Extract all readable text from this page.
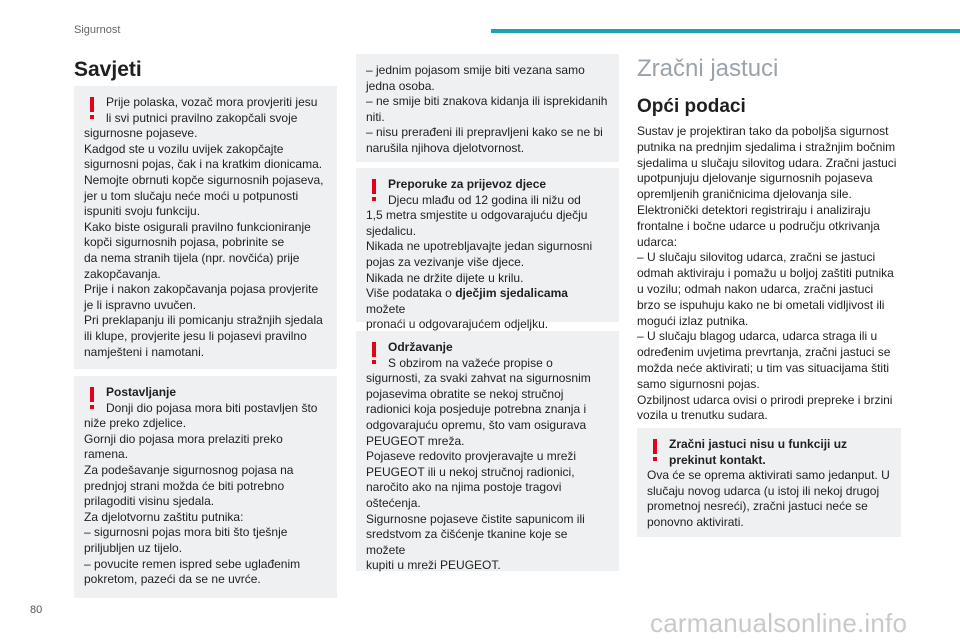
Sigurnost
Savjeti
Prije polaska, vozač mora provjeriti jesu
li svi putnici pravilno zakopčali svoje
sigurnosne pojaseve.
Kadgod ste u vozilu uvijek zakopčajte
sigurnosni pojas, čak i na kratkim dionicama.
Nemojte obrnuti kopče sigurnosnih pojaseva,
jer u tom slučaju neće moći u potpunosti
ispuniti svoju funkciju.
Kako biste osigurali pravilno funkcioniranje
kopči sigurnosnih pojasa, pobrinite se
da nema stranih tijela (npr. novčića) prije
zakopčavanja.
Prije i nakon zakopčavanja pojasa provjerite
je li ispravno uvučen.
Pri preklapanju ili pomicanju stražnjih sjedala
ili klupe, provjerite jesu li pojasevi pravilno
namješteni i namotani.
Postavljanje
Donji dio pojasa mora biti postavljen što
niže preko zdjelice.
Gornji dio pojasa mora prelaziti preko
ramena.
Za podešavanje sigurnosnog pojasa na
prednjoj strani možda će biti potrebno
prilagoditi visinu sjedala.
Za djelotvornu zaštitu putnika:
– sigurnosni pojas mora biti što tješnje
priljubljen uz tijelo.
– povucite remen ispred sebe uglađenim
pokretom, pazeći da se ne uvrće.
– jednim pojasom smije biti vezana samo
jedna osoba.
– ne smije biti znakova kidanja ili isprekidanih
niti.
– nisu prerađeni ili prepravljeni kako se ne bi
narušila njihova djelotvornost.
Preporuke za prijevoz djece
Djecu mlađu od 12 godina ili nižu od
1,5 metra smjestite u odgovarajuću dječju
sjedalicu.
Nikada ne upotrebljavajte jedan sigurnosni
pojas za vezivanje više djece.
Nikada ne držite dijete u krilu.
Više podataka o dječjim sjedalicama možete
pronaći u odgovarajućem odjeljku.
Održavanje
S obzirom na važeće propise o
sigurnosti, za svaki zahvat na sigurnosnim
pojasevima obratite se nekoj stručnoj
radionici koja posjeduje potrebna znanja i
odgovarajuću opremu, što vam osigurava
PEUGEOT mreža.
Pojaseve redovito provjeravajte u mreži
PEUGEOT ili u nekoj stručnoj radionici,
naročito ako na njima postoje tragovi
oštećenja.
Sigurnosne pojaseve čistite sapunicom ili
sredstvom za čišćenje tkanine koje se možete
kupiti u mreži PEUGEOT.
Zračni jastuci
Opći podaci
Sustav je projektiran tako da poboljša sigurnost
putnika na prednjim sjedalima i stražnjim bočnim
sjedalima u slučaju silovitog udara. Zračni jastuci
upotpunjuju djelovanje sigurnosnih pojaseva
opremljenih graničnicima djelovanja sile.
Elektronički detektori registriraju i analiziraju
frontalne i bočne udarce u području otkrivanja
udarca:
– U slučaju silovitog udarca, zračni se jastuci
odmah aktiviraju i pomažu u boljoj zaštiti putnika
u vozilu; odmah nakon udarca, zračni jastuci
brzo se ispuhuju kako ne bi ometali vidljivost ili
mogući izlaz putnika.
– U slučaju blagog udarca, udarca straga ili u
određenim uvjetima prevrtanja, zračni jastuci se
možda neće aktivirati; u tim vas situacijama štiti
samo sigurnosni pojas.
Ozbiljnost udarca ovisi o prirodi prepreke i brzini
vozila u trenutku sudara.
Zračni jastuci nisu u funkciji uz
prekinut kontakt.
Ova će se oprema aktivirati samo jedanput. U
slučaju novog udarca (u istoj ili nekoj drugoj
prometnoj nesreći), zračni jastuci neće se
ponovno aktivirati.
80	carmanualsonline.info
